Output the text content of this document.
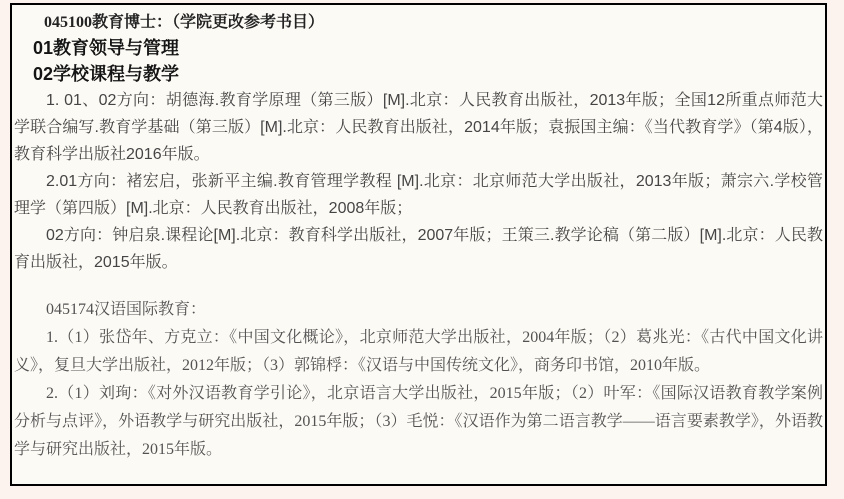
045100教育博士：（学院更改参考书目）
01教育领导与管理
02学校课程与教学

1. 01、02方向：胡德海.教育学原理（第三版）[M].北京：人民教育出版社，2013年版；全国12所重点师范大学联合编写.教育学基础（第三版）[M].北京：人民教育出版社，2014年版；袁振国主编：《当代教育学》（第4版），教育科学出版社2016年版。

2.01方向：褚宏启，张新平主编.教育管理学教程 [M].北京：北京师范大学出版社，2013年版；萧宗六.学校管理学（第四版）[M].北京：人民教育出版社，2008年版；

02方向：钟启泉.课程论[M].北京：教育科学出版社，2007年版；王策三.教学论稿（第二版）[M].北京：人民教育出版社，2015年版。

045174汉语国际教育：

1.（1）张岱年、方克立：《中国文化概论》，北京师范大学出版社，2004年版；（2）葛兆光：《古代中国文化讲义》，复旦大学出版社，2012年版；（3）郭锦桴：《汉语与中国传统文化》，商务印书馆，2010年版。

2.（1）刘珣：《对外汉语教育学引论》，北京语言大学出版社，2015年版；（2）叶军：《国际汉语教育教学案例分析与点评》，外语教学与研究出版社，2015年版；（3）毛悦：《汉语作为第二语言教学——语言要素教学》，外语教学与研究出版社，2015年版。
